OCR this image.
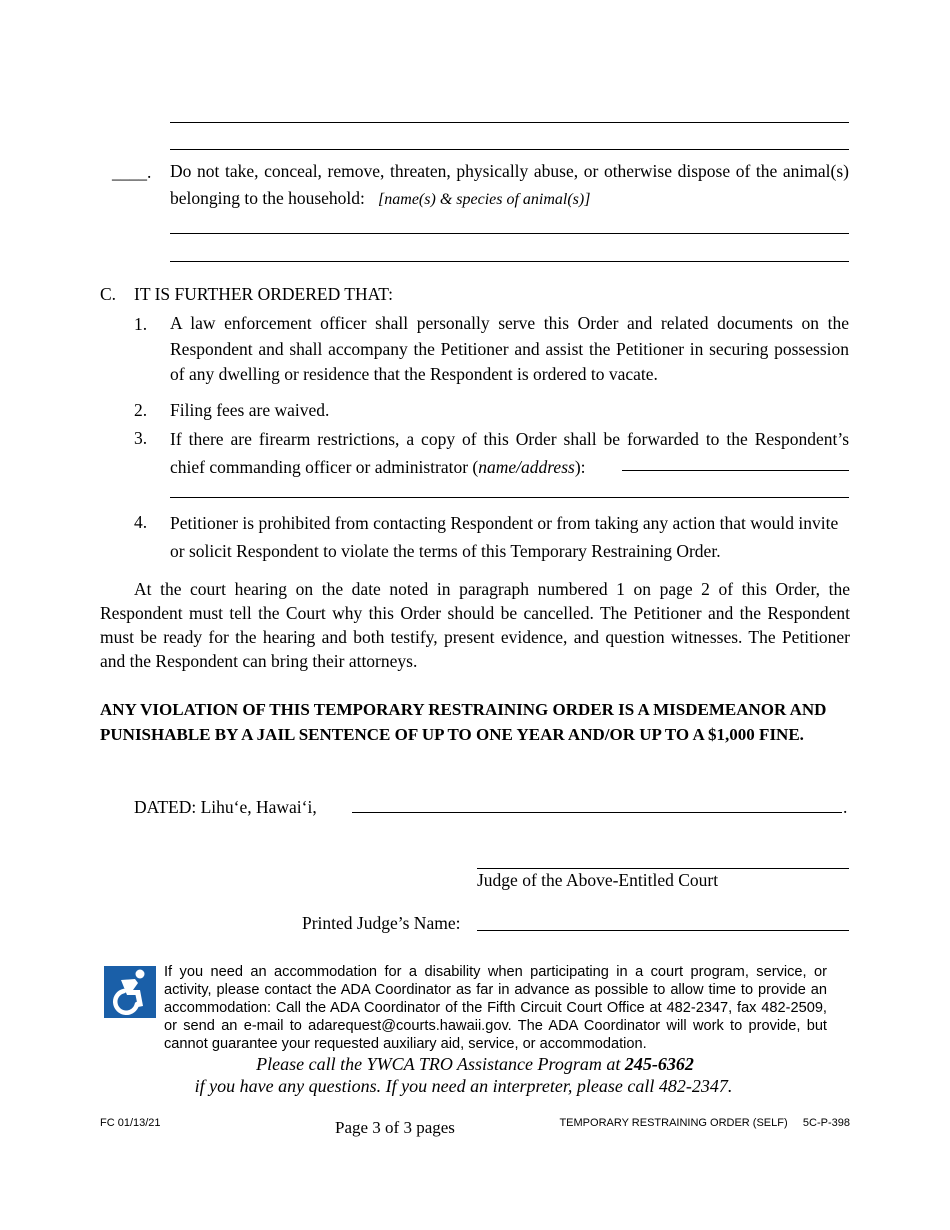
____. Do not take, conceal, remove, threaten, physically abuse, or otherwise dispose of the animal(s) belonging to the household: [name(s) & species of animal(s)]
C. IT IS FURTHER ORDERED THAT:
1. A law enforcement officer shall personally serve this Order and related documents on the Respondent and shall accompany the Petitioner and assist the Petitioner in securing possession of any dwelling or residence that the Respondent is ordered to vacate.
2. Filing fees are waived.
3. If there are firearm restrictions, a copy of this Order shall be forwarded to the Respondent’s chief commanding officer or administrator (name/address):
4. Petitioner is prohibited from contacting Respondent or from taking any action that would invite or solicit Respondent to violate the terms of this Temporary Restraining Order.
At the court hearing on the date noted in paragraph numbered 1 on page 2 of this Order, the Respondent must tell the Court why this Order should be cancelled. The Petitioner and the Respondent must be ready for the hearing and both testify, present evidence, and question witnesses. The Petitioner and the Respondent can bring their attorneys.
ANY VIOLATION OF THIS TEMPORARY RESTRAINING ORDER IS A MISDEMEANOR AND PUNISHABLE BY A JAIL SENTENCE OF UP TO ONE YEAR AND/OR UP TO A $1,000 FINE.
DATED: Lihu‘e, Hawai‘i,	.
Judge of the Above-Entitled Court
Printed Judge’s Name:
If you need an accommodation for a disability when participating in a court program, service, or activity, please contact the ADA Coordinator as far in advance as possible to allow time to provide an accommodation: Call the ADA Coordinator of the Fifth Circuit Court Office at 482-2347, fax 482-2509, or send an e-mail to adarequest@courts.hawaii.gov. The ADA Coordinator will work to provide, but cannot guarantee your requested auxiliary aid, service, or accommodation.
Please call the YWCA TRO Assistance Program at 245-6362
if you have any questions. If you need an interpreter, please call 482-2347.
FC 01/13/21	Page 3 of 3 pages	TEMPORARY RESTRAINING ORDER (SELF)     5C-P-398
